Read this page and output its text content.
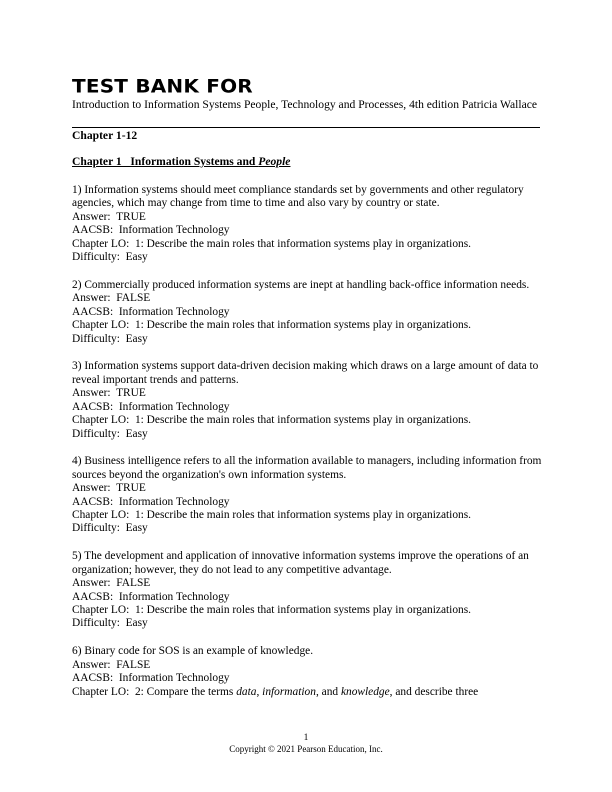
TEST BANK FOR
Introduction to Information Systems People, Technology and Processes, 4th edition Patricia Wallace
Chapter 1-12
Chapter 1   Information Systems and People
1) Information systems should meet compliance standards set by governments and other regulatory agencies, which may change from time to time and also vary by country or state.
Answer:  TRUE
AACSB:  Information Technology
Chapter LO:  1: Describe the main roles that information systems play in organizations.
Difficulty:  Easy
2) Commercially produced information systems are inept at handling back-office information needs.
Answer:  FALSE
AACSB:  Information Technology
Chapter LO:  1: Describe the main roles that information systems play in organizations.
Difficulty:  Easy
3) Information systems support data-driven decision making which draws on a large amount of data to reveal important trends and patterns.
Answer:  TRUE
AACSB:  Information Technology
Chapter LO:  1: Describe the main roles that information systems play in organizations.
Difficulty:  Easy
4) Business intelligence refers to all the information available to managers, including information from sources beyond the organization's own information systems.
Answer:  TRUE
AACSB:  Information Technology
Chapter LO:  1: Describe the main roles that information systems play in organizations.
Difficulty:  Easy
5) The development and application of innovative information systems improve the operations of an organization; however, they do not lead to any competitive advantage.
Answer:  FALSE
AACSB:  Information Technology
Chapter LO:  1: Describe the main roles that information systems play in organizations.
Difficulty:  Easy
6) Binary code for SOS is an example of knowledge.
Answer:  FALSE
AACSB:  Information Technology
Chapter LO:  2: Compare the terms data, information, and knowledge, and describe three
1
Copyright © 2021 Pearson Education, Inc.
